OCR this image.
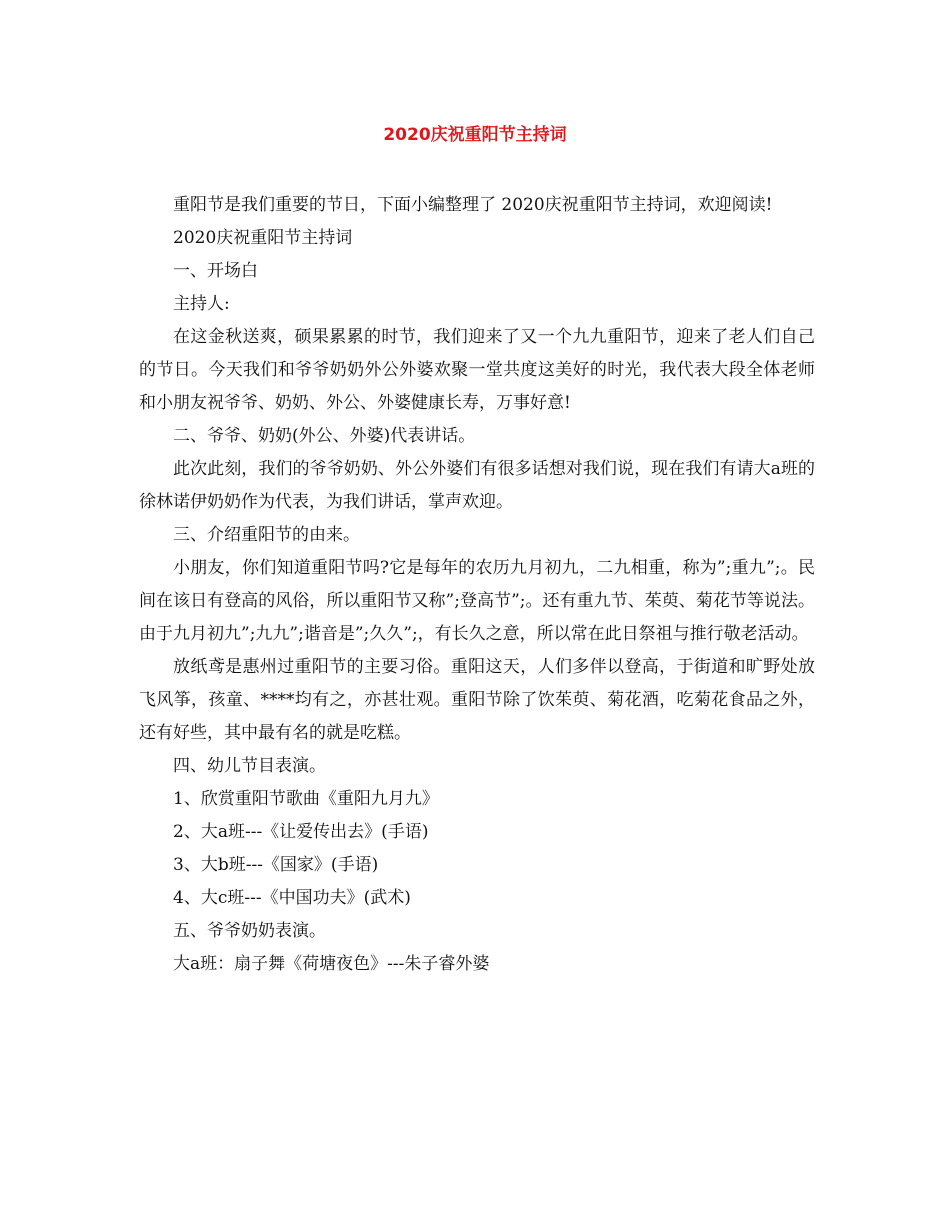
2020庆祝重阳节主持词

重阳节是我们重要的节日，下面小编整理了 2020庆祝重阳节主持词，欢迎阅读!

2020庆祝重阳节主持词

一、开场白

主持人:

在这金秋送爽，硕果累累的时节，我们迎来了又一个九九重阳节，迎来了老人们自己的节日。今天我们和爷爷奶奶外公外婆欢聚一堂共度这美好的时光，我代表大段全体老师和小朋友祝爷爷、奶奶、外公、外婆健康长寿，万事好意!

二、爷爷、奶奶(外公、外婆)代表讲话。

此次此刻，我们的爷爷奶奶、外公外婆们有很多话想对我们说，现在我们有请大a班的徐林诺伊奶奶作为代表，为我们讲话，掌声欢迎。

三、介绍重阳节的由来。

小朋友，你们知道重阳节吗?它是每年的农历九月初九，二九相重，称为”;重九”;。民间在该日有登高的风俗，所以重阳节又称”;登高节”;。还有重九节、茱萸、菊花节等说法。由于九月初九”;九九”;谐音是”;久久”;，有长久之意，所以常在此日祭祖与推行敬老活动。

放纸鸢是惠州过重阳节的主要习俗。重阳这天，人们多伴以登高，于街道和旷野处放飞风筝，孩童、****均有之，亦甚壮观。重阳节除了饮茱萸、菊花酒，吃菊花食品之外，还有好些，其中最有名的就是吃糕。

四、幼儿节目表演。

1、欣赏重阳节歌曲《重阳九月九》

2、大a班---《让爱传出去》(手语)

3、大b班---《国家》(手语)

4、大c班---《中国功夫》(武术)

五、爷爷奶奶表演。

大a班：扇子舞《荷塘夜色》---朱子睿外婆
